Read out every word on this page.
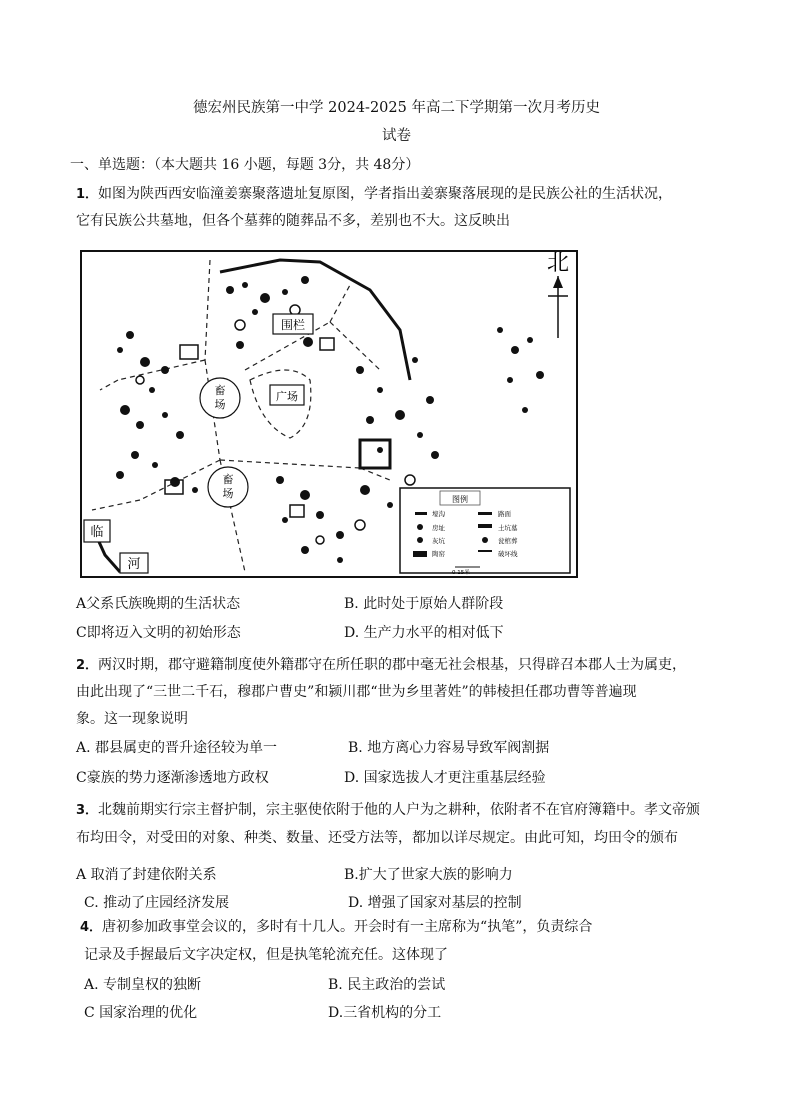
德宏州民族第一中学 2024-2025 年高二下学期第一次月考历史
试卷
一、单选题：（本大题共 16 小题，每题 3分，共 48分）
1．如图为陕西西安临潼姜寨聚落遗址复原图，学者指出姜寨聚落展现的是民族公社的生活状况，
它有民族公共墓地，但各个墓葬的随葬品不多，差别也不大。这反映出
畜
场
畜
场
围栏
广场
临
河
图例
壕沟	路面
房址	土坑墓
灰坑	瓮棺葬
陶窑	破坏线
0 15米
北
A父系氏族晚期的生活状态	B. 此时处于原始人群阶段
C即将迈入文明的初始形态	D. 生产力水平的相对低下
2．两汉时期，郡守避籍制度使外籍郡守在所任职的郡中毫无社会根基，只得辟召本郡人士为属吏，
由此出现了“三世二千石，穆郡户曹史”和颍川郡“世为乡里著姓”的韩棱担任郡功曹等普遍现
象。这一现象说明
A. 郡县属吏的晋升途径较为单一	B. 地方离心力容易导致军阀割据
C豪族的势力逐渐渗透地方政权	D. 国家选拔人才更注重基层经验
3．北魏前期实行宗主督护制，宗主驱使依附于他的人户为之耕种，依附者不在官府簿籍中。孝文帝颁
布均田令，对受田的对象、种类、数量、还受方法等，都加以详尽规定。由此可知，均田令的颁布
A 取消了封建依附关系	B.扩大了世家大族的影响力
C. 推动了庄园经济发展	D. 增强了国家对基层的控制
4．唐初参加政事堂会议的，多时有十几人。开会时有一主席称为“执笔”，负责综合
记录及手握最后文字决定权，但是执笔轮流充任。这体现了
A. 专制皇权的独断	B. 民主政治的尝试
C 国家治理的优化	D.三省机构的分工
